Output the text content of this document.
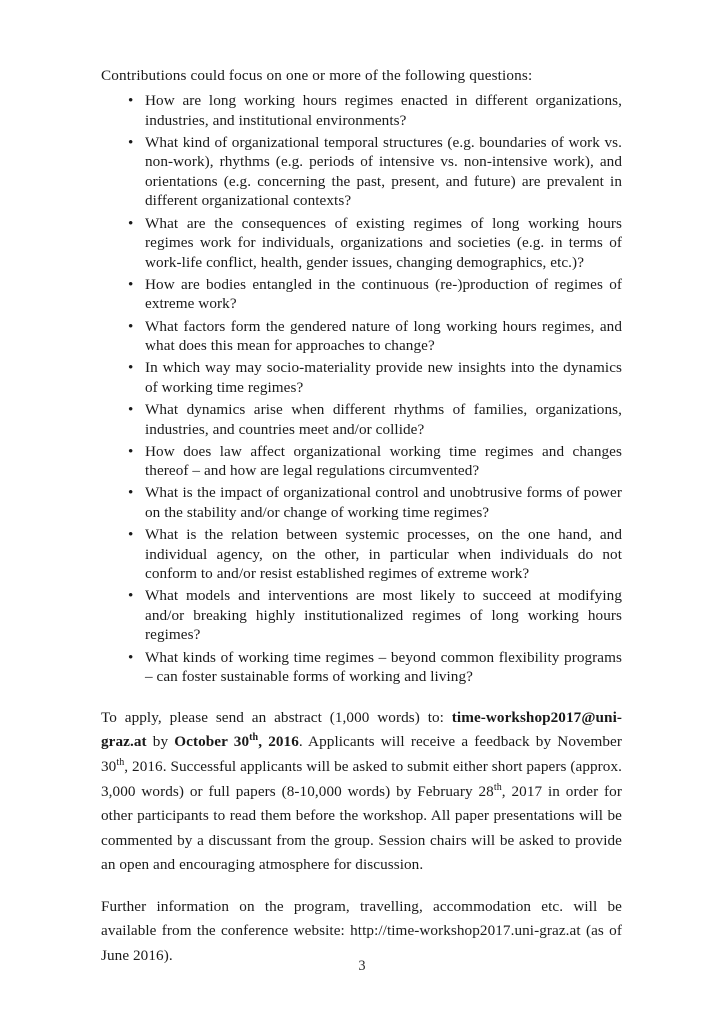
Contributions could focus on one or more of the following questions:

• How are long working hours regimes enacted in different organizations, industries, and institutional environments?
• What kind of organizational temporal structures (e.g. boundaries of work vs. non-work), rhythms (e.g. periods of intensive vs. non-intensive work), and orientations (e.g. concerning the past, present, and future) are prevalent in different organizational contexts?
• What are the consequences of existing regimes of long working hours regimes work for individuals, organizations and societies (e.g. in terms of work-life conflict, health, gender issues, changing demographics, etc.)?
• How are bodies entangled in the continuous (re-)production of regimes of extreme work?
• What factors form the gendered nature of long working hours regimes, and what does this mean for approaches to change?
• In which way may socio-materiality provide new insights into the dynamics of working time regimes?
• What dynamics arise when different rhythms of families, organizations, industries, and countries meet and/or collide?
• How does law affect organizational working time regimes and changes thereof – and how are legal regulations circumvented?
• What is the impact of organizational control and unobtrusive forms of power on the stability and/or change of working time regimes?
• What is the relation between systemic processes, on the one hand, and individual agency, on the other, in particular when individuals do not conform to and/or resist established regimes of extreme work?
• What models and interventions are most likely to succeed at modifying and/or breaking highly institutionalized regimes of long working hours regimes?
• What kinds of working time regimes – beyond common flexibility programs – can foster sustainable forms of working and living?

To apply, please send an abstract (1,000 words) to: time-workshop2017@uni-graz.at by October 30th, 2016. Applicants will receive a feedback by November 30th, 2016. Successful applicants will be asked to submit either short papers (approx. 3,000 words) or full papers (8-10,000 words) by February 28th, 2017 in order for other participants to read them before the workshop. All paper presentations will be commented by a discussant from the group. Session chairs will be asked to provide an open and encouraging atmosphere for discussion.

Further information on the program, travelling, accommodation etc. will be available from the conference website: http://time-workshop2017.uni-graz.at (as of June 2016).

3
